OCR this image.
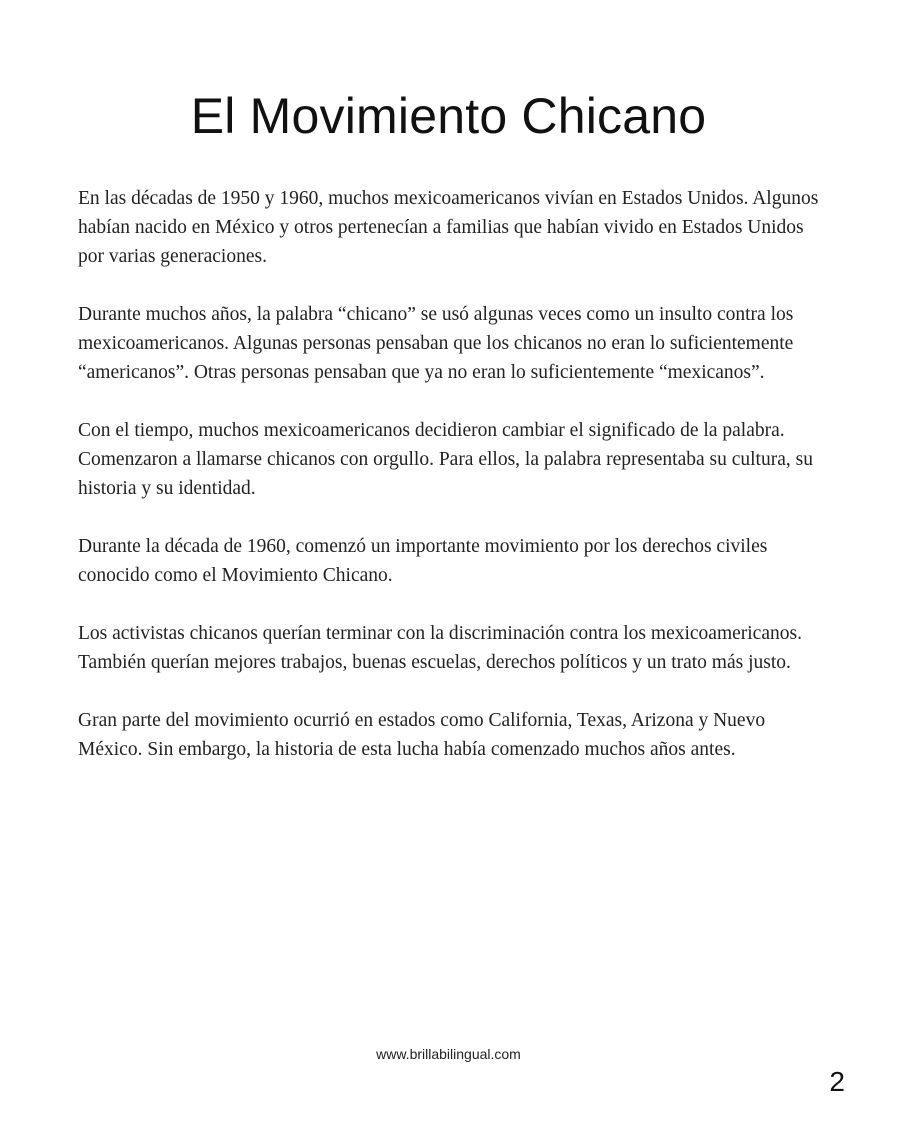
El Movimiento Chicano

En las décadas de 1950 y 1960, muchos mexicoamericanos vivían en Estados Unidos. Algunos habían nacido en México y otros pertenecían a familias que habían vivido en Estados Unidos por varias generaciones.

Durante muchos años, la palabra “chicano” se usó algunas veces como un insulto contra los mexicoamericanos. Algunas personas pensaban que los chicanos no eran lo suficientemente “americanos”. Otras personas pensaban que ya no eran lo suficientemente “mexicanos”.

Con el tiempo, muchos mexicoamericanos decidieron cambiar el significado de la palabra. Comenzaron a llamarse chicanos con orgullo. Para ellos, la palabra representaba su cultura, su historia y su identidad.

Durante la década de 1960, comenzó un importante movimiento por los derechos civiles conocido como el Movimiento Chicano.

Los activistas chicanos querían terminar con la discriminación contra los mexicoamericanos. También querían mejores trabajos, buenas escuelas, derechos políticos y un trato más justo.

Gran parte del movimiento ocurrió en estados como California, Texas, Arizona y Nuevo México. Sin embargo, la historia de esta lucha había comenzado muchos años antes.

www.brillabilingual.com
2
